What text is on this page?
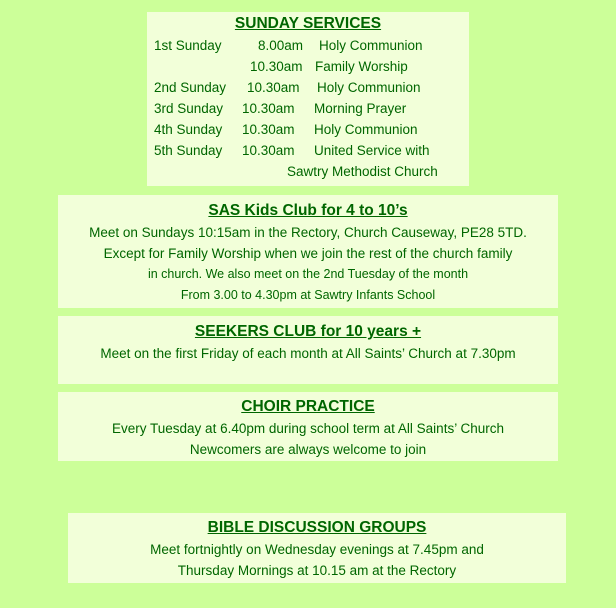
SUNDAY SERVICES
1st Sunday	8.00am Holy Communion
10.30am Family Worship
2nd Sunday 10.30am Holy Communion
3rd Sunday 10.30am Morning Prayer
4th Sunday 10.30am Holy Communion
5th Sunday 10.30am United Service with
Sawtry Methodist Church
SAS Kids Club for 4 to 10’s
Meet on Sundays 10:15am in the Rectory, Church Causeway, PE28 5TD.
Except for Family Worship when we join the rest of the church family
in church. We also meet on the 2nd Tuesday of the month
From 3.00 to 4.30pm at Sawtry Infants School
SEEKERS CLUB for 10 years +
Meet on the first Friday of each month at All Saints’ Church at 7.30pm
CHOIR PRACTICE
Every Tuesday at 6.40pm during school term at All Saints’ Church
Newcomers are always welcome to join
BIBLE DISCUSSION GROUPS
Meet fortnightly on Wednesday evenings at 7.45pm and
Thursday Mornings at 10.15 am at the Rectory
